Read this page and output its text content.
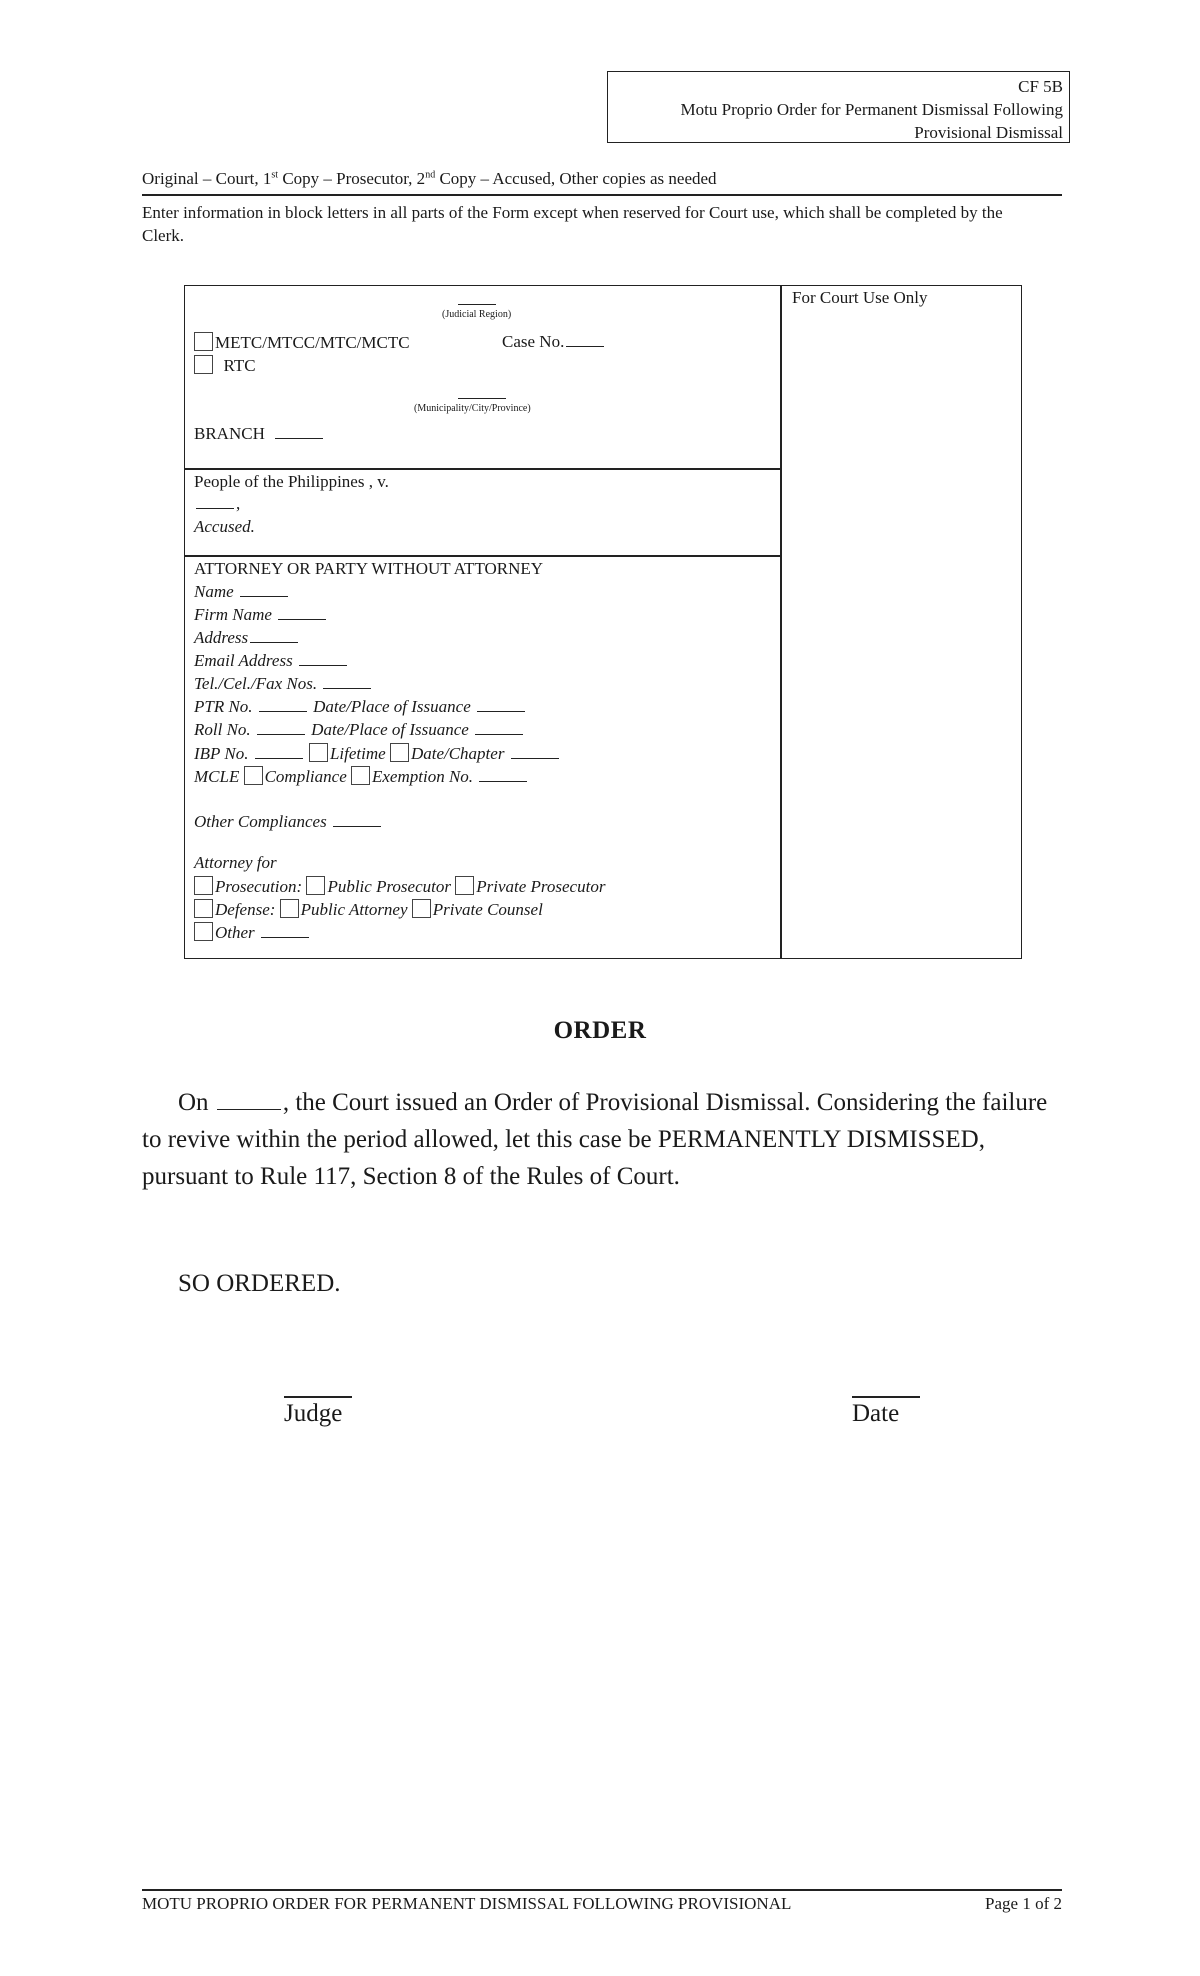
CF 5B
Motu Proprio Order for Permanent Dismissal Following
Provisional Dismissal
Original – Court, 1st Copy – Prosecutor, 2nd Copy – Accused, Other copies as needed
Enter information in block letters in all parts of the Form except when reserved for Court use, which shall be completed by the Clerk.
For Court Use Only
(Judicial Region)
METC/MTCC/MTC/MCTC	Case No.
RTC
(Municipality/City/Province)
BRANCH
People of the Philippines , v.
,
Accused.
ATTORNEY OR PARTY WITHOUT ATTORNEY
Name
Firm Name
Address
Email Address
Tel./Cel./Fax Nos.
PTR No.	Date/Place of Issuance
Roll No.	Date/Place of Issuance
IBP No.	Lifetime Date/Chapter
MCLE Compliance Exemption No.
Other Compliances
Attorney for
Prosecution: Public Prosecutor Private Prosecutor
Defense: Public Attorney Private Counsel
Other
ORDER
On	, the Court issued an Order of Provisional Dismissal. Considering the failure to revive within the period allowed, let this case be PERMANENTLY DISMISSED, pursuant to Rule 117, Section 8 of the Rules of Court.
SO ORDERED.
Judge	Date
MOTU PROPRIO ORDER FOR PERMANENT DISMISSAL FOLLOWING PROVISIONAL	Page 1 of 2
